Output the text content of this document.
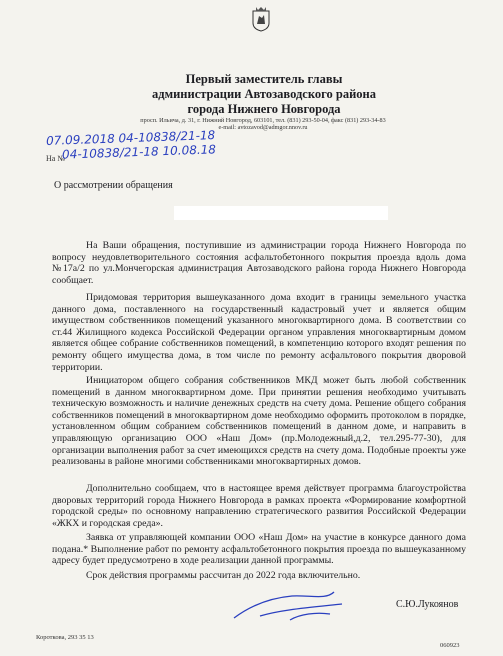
Первый заместитель главы
администрации Автозаводского района
города Нижнего Новгорода
просп. Ильича, д. 31, г. Нижний Новгород, 603101, тел. (831) 293-50-04, факс (831) 293-34-83
e-mail: avtozavod@admgor.nnov.ru
07.09.2018 04-10838/21-18
На №
04-10838/21-18 10.08.18
О рассмотрении обращения
На Ваши обращения, поступившие из администрации города Нижнего Новгорода по вопросу неудовлетворительного состояния асфальтобетонного покрытия проезда вдоль дома №17а/2 по ул.Мончегорская администрация Автозаводского района города Нижнего Новгорода сообщает.
Придомовая территория вышеуказанного дома входит в границы земельного участка данного дома, поставленного на государственный кадастровый учет и является общим имуществом собственников помещений указанного многоквартирного дома. В соответствии со ст.44 Жилищного кодекса Российской Федерации органом управления многоквартирным домом является общее собрание собственников помещений, в компетенцию которого входят решения по ремонту общего имущества дома, в том числе по ремонту асфальтового покрытия дворовой территории.
Инициатором общего собрания собственников МКД может быть любой собственник помещений в данном многоквартирном доме. При принятии решения необходимо учитывать техническую возможность и наличие денежных средств на счету дома. Решение общего собрания собственников помещений в многоквартирном доме необходимо оформить протоколом в порядке, установленном общим собранием собственников помещений в данном доме, и направить в управляющую организацию ООО «Наш Дом» (пр.Молодежный,д.2, тел.295-77-30), для организации выполнения работ за счет имеющихся средств на счету дома. Подобные проекты уже реализованы в районе многими собственниками многоквартирных домов.
Дополнительно сообщаем, что в настоящее время действует программа благоустройства дворовых территорий города Нижнего Новгорода в рамках проекта «Формирование комфортной городской среды» по основному направлению стратегического развития Российской Федерации «ЖКХ и городская среда».
Заявка от управляющей компании ООО «Наш Дом» на участие в конкурсе данного дома подана.* Выполнение работ по ремонту асфальтобетонного покрытия проезда по вышеуказанному адресу будет предусмотрено в ходе реализации данной программы.
Срок действия программы рассчитан до 2022 года включительно.
С.Ю.Лукоянов
Короткова, 293 35 13
060923
